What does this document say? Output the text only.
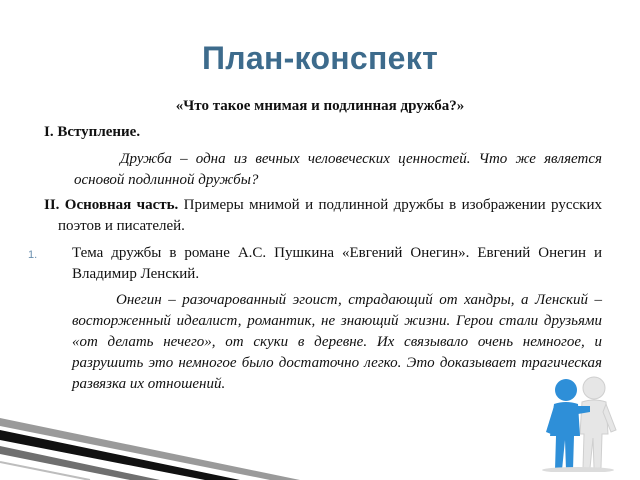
План-конспект
«Что такое мнимая и подлинная дружба?»
I. Вступление.
Дружба – одна из вечных человеческих ценностей. Что же является основой подлинной дружбы?
II. Основная часть. Примеры мнимой и подлинной дружбы в изображении русских поэтов и писателей.
1. Тема дружбы в романе А.С. Пушкина «Евгений Онегин». Евгений Онегин и Владимир Ленский.
Онегин – разочарованный эгоист, страдающий от хандры, а Ленский – восторженный идеалист, романтик, не знающий жизни. Герои стали друзьями «от делать нечего», от скуки в деревне. Их связывало очень немногое, и разрушить это немногое было достаточно легко. Это доказывает трагическая развязка их отношений.
